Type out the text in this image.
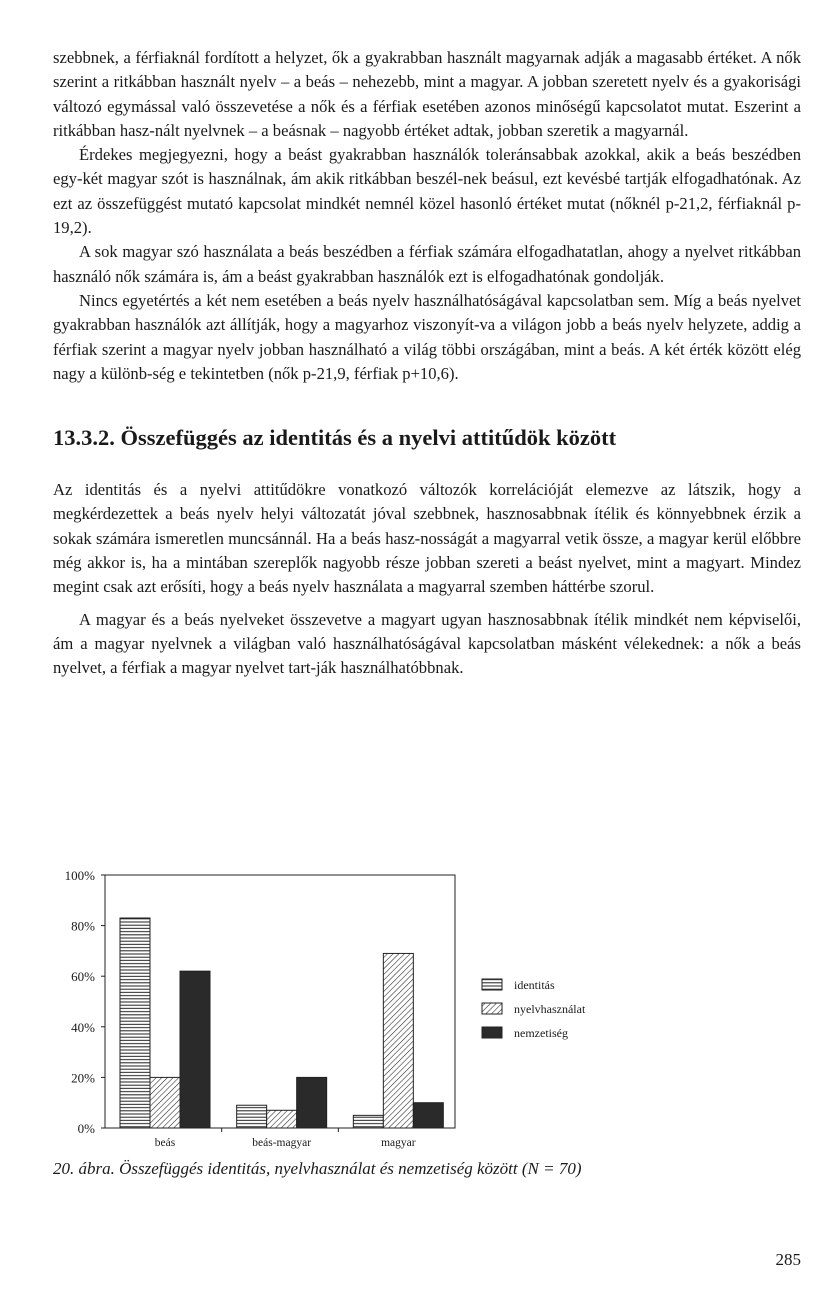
szebbnek, a férfiaknál fordított a helyzet, ők a gyakrabban használt magyarnak adják a magasabb értéket. A nők szerint a ritkábban használt nyelv – a beás – nehezebb, mint a magyar. A jobban szeretett nyelv és a gyakorisági változó egymással való összevetése a nők és a férfiak esetében azonos minőségű kapcsolatot mutat. Eszerint a ritkábban hasz-nált nyelvnek – a beásnak – nagyobb értéket adtak, jobban szeretik a magyarnál.

Érdekes megjegyezni, hogy a beást gyakrabban használók toleránsabbak azokkal, akik a beás beszédben egy-két magyar szót is használnak, ám akik ritkábban beszél-nek beásul, ezt kevésbé tartják elfogadhatónak. Az ezt az összefüggést mutató kapcsolat mindkét nemnél közel hasonló értéket mutat (nőknél p-21,2, férfiaknál p-19,2).

A sok magyar szó használata a beás beszédben a férfiak számára elfogadhatatlan, ahogy a nyelvet ritkábban használó nők számára is, ám a beást gyakrabban használók ezt is elfogadhatónak gondolják.

Nincs egyetértés a két nem esetében a beás nyelv használhatóságával kapcsolatban sem. Míg a beás nyelvet gyakrabban használók azt állítják, hogy a magyarhoz viszonyít-va a világon jobb a beás nyelv helyzete, addig a férfiak szerint a magyar nyelv jobban használható a világ többi országában, mint a beás. A két érték között elég nagy a különb-ség e tekintetben (nők p-21,9, férfiak p+10,6).

13.3.2. Összefüggés az identitás és a nyelvi attitűdök között

Az identitás és a nyelvi attitűdökre vonatkozó változók korrelációját elemezve az látszik, hogy a megkérdezettek a beás nyelv helyi változatát jóval szebbnek, hasznosabbnak ítélik és könnyebbnek érzik a sokak számára ismeretlen muncsánnál. Ha a beás hasz-nosságát a magyarral vetik össze, a magyar kerül előbbre még akkor is, ha a mintában szereplők nagyobb része jobban szereti a beást nyelvet, mint a magyart. Mindez megint csak azt erősíti, hogy a beás nyelv használata a magyarral szemben háttérbe szorul.

A magyar és a beás nyelveket összevetve a magyart ugyan hasznosabbnak ítélik mindkét nem képviselői, ám a magyar nyelvnek a világban való használhatóságával kapcsolatban másként vélekednek: a nők a beás nyelvet, a férfiak a magyar nyelvet tart-ják használhatóbbnak.

0%
20%
40%
60%
80%
100%
beás	beás-magyar	magyar
identitás
nyelvhasználat
nemzetiség
20. ábra. Összefüggés identitás, nyelvhasználat és nemzetiség között (N = 70)
285
